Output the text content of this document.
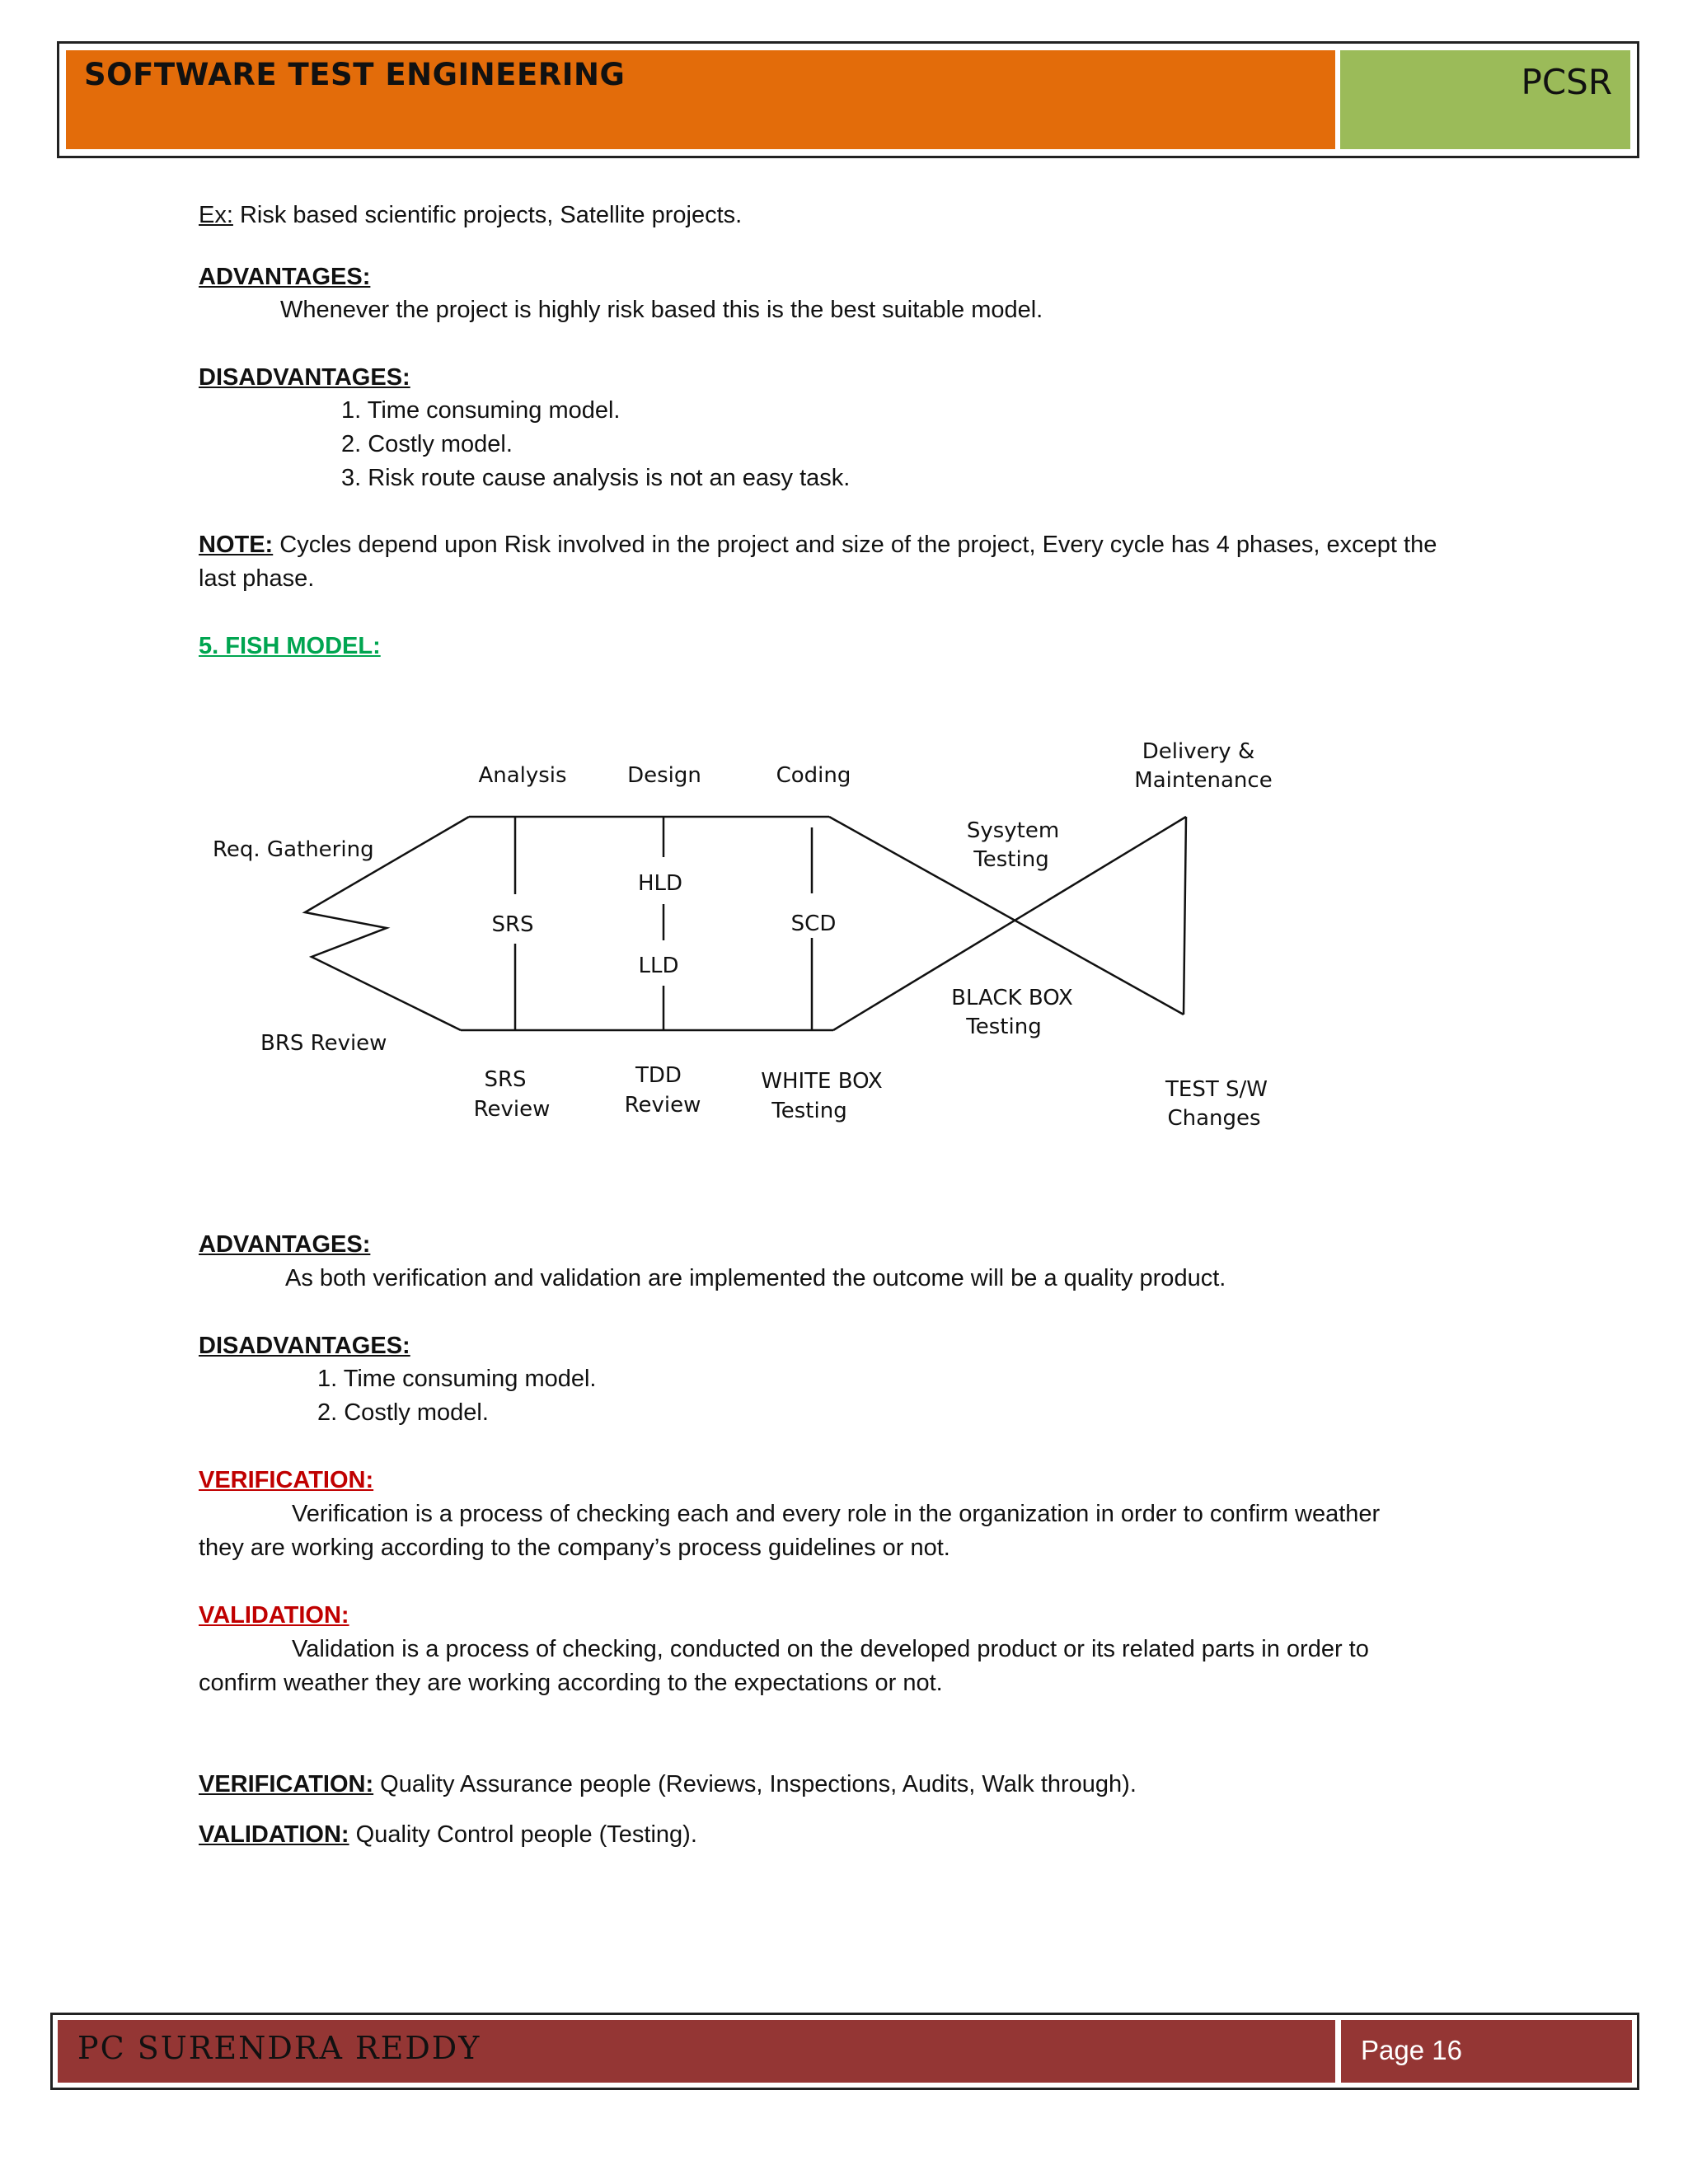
SOFTWARE TEST ENGINEERING	PCSR
Ex: Risk based scientific projects, Satellite projects.
ADVANTAGES:
Whenever the project is highly risk based this is the best suitable model.
DISADVANTAGES:
1. Time consuming model.
2. Costly model.
3. Risk route cause analysis is not an easy task.
NOTE: Cycles depend upon Risk involved in the project and size of the project, Every cycle has 4 phases, except the
last phase.
5. FISH MODEL:
Analysis	Design	Coding
Delivery &
Maintenance
Req. Gathering
SRS
HLD
LLD
SCD
Sysytem
Testing
BLACK BOX
Testing
BRS Review
SRS
Review
TDD
Review
WHITE BOX
Testing
TEST S/W
Changes
ADVANTAGES:
As both verification and validation are implemented the outcome will be a quality product.
DISADVANTAGES:
1. Time consuming model.
2. Costly model.
VERIFICATION:
Verification is a process of checking each and every role in the organization in order to confirm weather
they are working according to the company’s process guidelines or not.
VALIDATION:
Validation is a process of checking, conducted on the developed product or its related parts in order to
confirm weather they are working according to the expectations or not.
VERIFICATION: Quality Assurance people (Reviews, Inspections, Audits, Walk through).
VALIDATION: Quality Control people (Testing).
PC SURENDRA REDDY	Page 16
